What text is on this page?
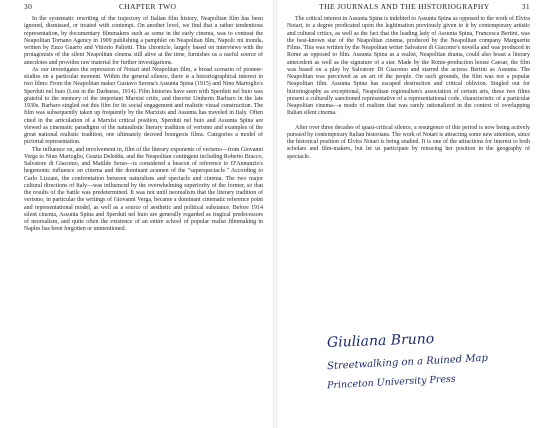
30	CHAPTER TWO

In the systematic rewriting of the trajectory of Italian film history, Neapolitan film has been ignored, dismissed, or treated with contempt. On another level, we find that a rather tendentious representation, by documentary filmmakers such as some in the early cinema, was to contrast the Neapolitan Tornano Agency in 1909 publishing a pamphlet on Neapolitan film, Napoli: mi inonda, written by Enzo Guarro and Vittorio Paliotti. This chronicle, largely based on interviews with the protagonists of the silent Neapolitan cinema still alive at the time, furnishes us a useful source of anecdotes and provides raw material for further investigations.

As our investigates the repression of Notari and Neapolitan film, a broad scenario of pioneer-studies on a particular moment. Within the general silence, there is a historiographical interest in two films: From the Neapolitan maker Gustavo Serena's Assunta Spina (1915) and Nino Martoglio's Sperduti nel buio (Lost in the Darkness, 1914). Film histories have seen with Sperduti nel buio was grateful to the memory of the important Marxist critic, and theorist Umberto Barbaro in the late 1930s. Barbaro singled out this film for its social engagement and realistic visual construction. The film was subsequently taken up frequently by the Marxists and Assunta has traveled in Italy. Often cited in the articulation of a Marxist critical position, Sperduti nel buio and Assunta Spina are viewed as cinematic paradigms of the naturalistic literary tradition of verismo and examples of the great national realistic tradition, one ultimately decreed bourgeois films. Categories a model of pictorial representation.

The influence on, and involvement in, film of the literary exponents of verismo—from Giovanni Verga to Nino Martoglio, Grazia Deledda, and the Neapolitan contingent including Roberto Bracco, Salvatore di Giacomo, and Matilde Serao—is considered a beacon of reference to D'Annunzio's hegemonic influence on cinema and the dominant acumen of the "superspectacle." According to Carlo Lizzani, the confrontation between naturalism and spectacle and cinema. The two major cultural directions of Italy—was influenced by the overwhelming superiority of the former, so that the results of the battle was predetermined. It was not until neorealism that the literary tradition of verismo, in particular the writings of Giovanni Verga, became a dominant cinematic reference point and representational model, as well as a source of aesthetic and political substance. Before 1914 silent cinema, Assunta Spina and Sperduti nel buio are generally regarded as tragical predecessors of neorealism, and quite often the existence of an entire school of popular realist filmmaking in Naples has been forgotten or unmentioned.

THE JOURNALS AND THE HISTORIOGRAPHY	31

The critical interest in Assunta Spina is indebted to Assunta Spina as opposed to the work of Elvira Notari, to a degree predicated upon the legitimation previously given to it by contemporary artistic and cultural critics, as well as the fact that the leading lady of Assunta Spina, Francesca Bertini, was the best-known star of the Neapolitan cinema, produced by the Neapolitan company Marguerite Films. This was written by the Neapolitan writer Salvatore di Giacomo's novella and was produced in Rome as opposed to film. Assunta Spina as a realist, Neapolitan drama, could also boast a literary antecedent as well as the signature of a star. Made by the Rome-production house Caesar, the film was based on a play by Salvatore Di Giacomo and starred the actress Bertini as Assunta. The Neapolitan was perceived as an art of the people. On such grounds, the film was not a popular Neapolitan film. Assunta Spina has escaped destruction and critical oblivion. Singled out for historiography as exceptional, Neapolitan regionalism's association of certain arts, these two films present a culturally sanctioned representative of a representational code, characteristic of a particular Neapolitan cinema—a mode of realism that was rarely rationalized in the context of overlapping Italian silent cinema.

After over three decades of quasi-critical silence, a resurgence of this period is now being actively pursued by contemporary Italian historians. The work of Notari is attracting some new attention, since the historical position of Elvira Notari is being studied. It is one of the attractions for interest to both scholars and film-makers, but let us participate by retracing her position in the geography of spectacle.

Giuliana Bruno
Streetwalking on a Ruined Map
Princeton University Press
